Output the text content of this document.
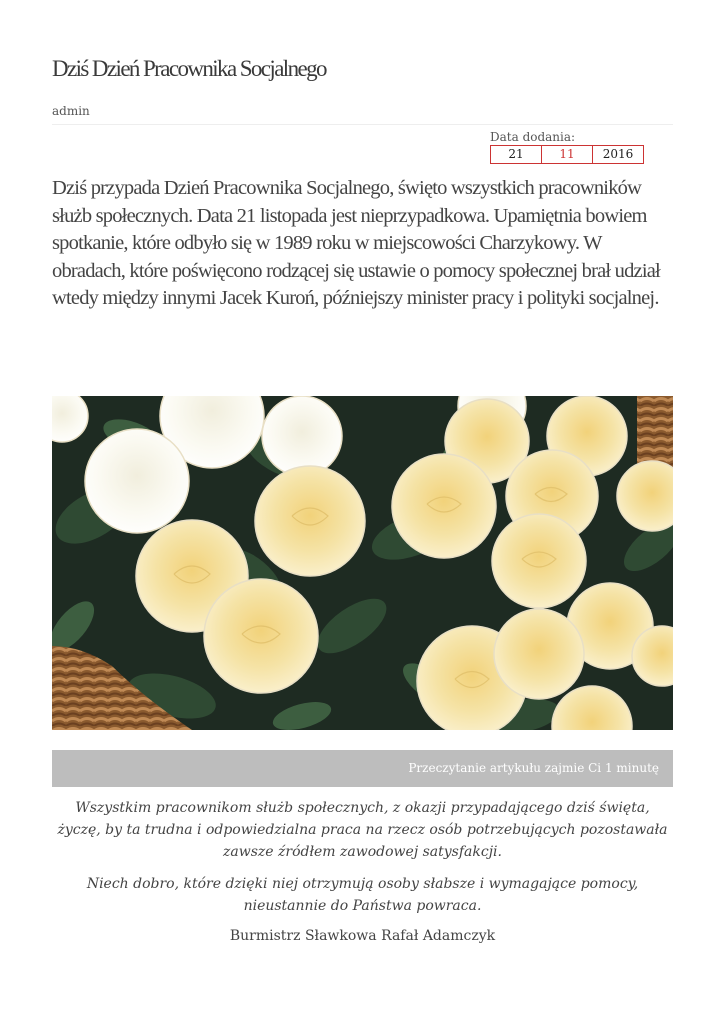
Dziś Dzień Pracownika Socjalnego
admin
Data dodania:
21	11	2016

Dziś przypada Dzień Pracownika Socjalnego, święto wszystkich pracowników służb społecznych. Data 21 listopada jest nieprzypadkowa. Upamiętnia bowiem spotkanie, które odbyło się w 1989 roku w miejscowości Charzykowy. W obradach, które poświęcono rodzącej się ustawie o pomocy społecznej brał udział wtedy między innymi Jacek Kuroń, późniejszy minister pracy i polityki socjalnej.

Przeczytanie artykułu zajmie Ci 1 minutę

Wszystkim pracownikom służb społecznych, z okazji przypadającego dziś święta, życzę, by ta trudna i odpowiedzialna praca na rzecz osób potrzebujących pozostawała zawsze źródłem zawodowej satysfakcji.

Niech dobro, które dzięki niej otrzymują osoby słabsze i wymagające pomocy, nieustannie do Państwa powraca.

Burmistrz Sławkowa Rafał Adamczyk
